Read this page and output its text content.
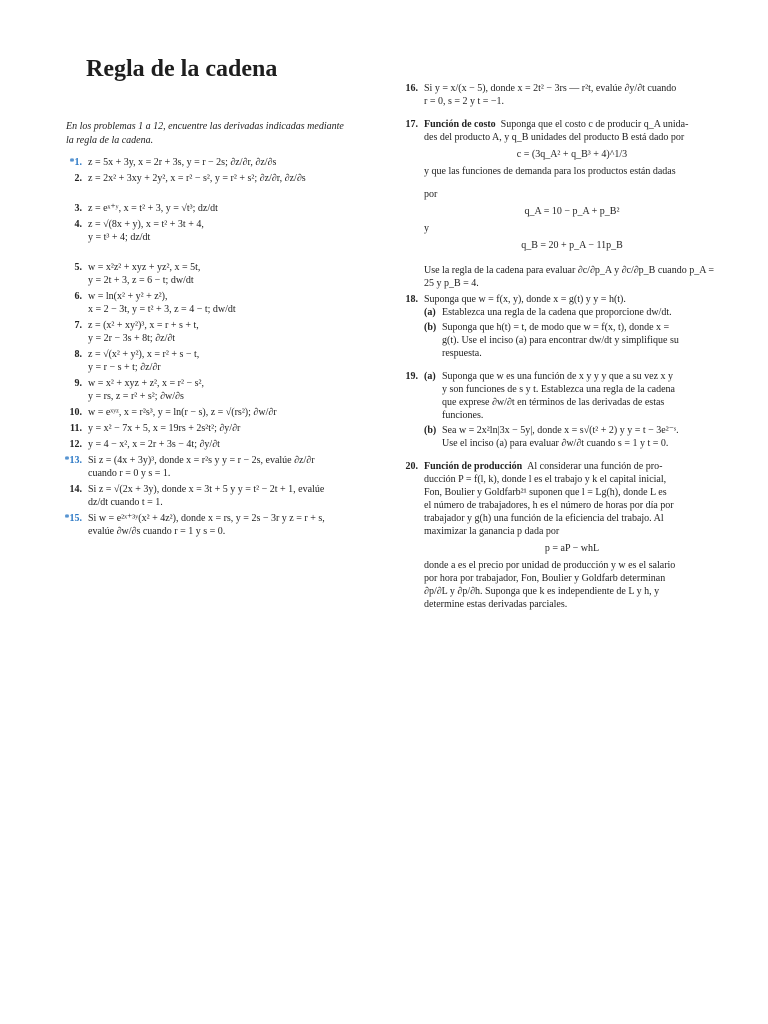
Regla de la cadena
En los problemas 1 a 12, encuentre las derivadas indicadas mediante la regla de la cadena.
*1. z = 5x + 3y, x = 2r + 3s, y = r − 2s; ∂z/∂r, ∂z/∂s
2. z = 2x² + 3xy + 2y², x = r² − s², y = r² + s²; ∂z/∂r, ∂z/∂s
3. z = eˣ⁺ʸ, x = t² + 3, y = √t³; dz/dt
4. z = √(8x + y), x = t² + 3t + 4,
y = t³ + 4; dz/dt
5. w = x²z² + xyz + yz², x = 5t,
y = 2t + 3, z = 6 − t; dw/dt
6. w = ln(x² + y² + z²),
x = 2 − 3t, y = t² + 3, z = 4 − t; dw/dt
7. z = (x² + xy²)³, x = r + s + t,
y = 2r − 3s + 8t; ∂z/∂t
8. z = √(x² + y²), x = r² + s − t,
y = r − s + t; ∂z/∂r
9. w = x² + xyz + z², x = r² − s²,
y = rs, z = r² + s²; ∂w/∂s
10. w = eˣʸᶻ, x = r²s³, y = ln(r − s), z = √(rs²); ∂w/∂r
11. y = x² − 7x + 5, x = 19rs + 2s²t²; ∂y/∂r
12. y = 4 − x², x = 2r + 3s − 4t; ∂y/∂t
*13. Si z = (4x + 3y)³, donde x = r²s y y = r − 2s, evalúe ∂z/∂r
cuando r = 0 y s = 1.
14. Si z = √(2x + 3y), donde x = 3t + 5 y y = t² − 2t + 1, evalúe
dz/dt cuando t = 1.
*15. Si w = e²ˣ⁺³ʸ(x² + 4z²), donde x = rs, y = 2s − 3r y z = r + s,
evalúe ∂w/∂s cuando r = 1 y s = 0.
16. Si y = x/(x − 5), donde x = 2t² − 3rs — r²t, evalúe ∂y/∂t cuando
r = 0, s = 2 y t = −1.
17. Función de costo Suponga que el costo c de producir q_A unida-
des del producto A, y q_B unidades del producto B está dado por
c = (3q_A² + q_B³ + 4)^1/3
y que las funciones de demanda para los productos están dadas
por
q_A = 10 − p_A + p_B²
y
q_B = 20 + p_A − 11p_B
Use la regla de la cadena para evaluar ∂c/∂p_A y ∂c/∂p_B cuando p_A =
25 y p_B = 4.
18. Suponga que w = f(x, y), donde x = g(t) y y = h(t).
(a) Establezca una regla de la cadena que proporcione dw/dt.
(b) Suponga que h(t) = t, de modo que w = f(x, t), donde x =
g(t). Use el inciso (a) para encontrar dw/dt y simplifique su
respuesta.
19. (a) Suponga que w es una función de x y y y que a su vez x y
y son funciones de s y t. Establezca una regla de la cadena
que exprese ∂w/∂t en términos de las derivadas de estas
funciones.
(b) Sea w = 2x²ln|3x − 5y|, donde x = s√(t² + 2) y y = t − 3e²⁻ˢ.
Use el inciso (a) para evaluar ∂w/∂t cuando s = 1 y t = 0.
20. Función de producción Al considerar una función de pro-
ducción P = f(l, k), donde l es el trabajo y k el capital inicial,
Fon, Boulier y Goldfarb²¹ suponen que l = Lg(h), donde L es
el número de trabajadores, h es el número de horas por día por
trabajador y g(h) una función de la eficiencia del trabajo. Al
maximizar la ganancia p dada por
p = aP − whL
donde a es el precio por unidad de producción y w es el salario
por hora por trabajador, Fon, Boulier y Goldfarb determinan
∂p/∂L y ∂p/∂h. Suponga que k es independiente de L y h, y
determine estas derivadas parciales.
